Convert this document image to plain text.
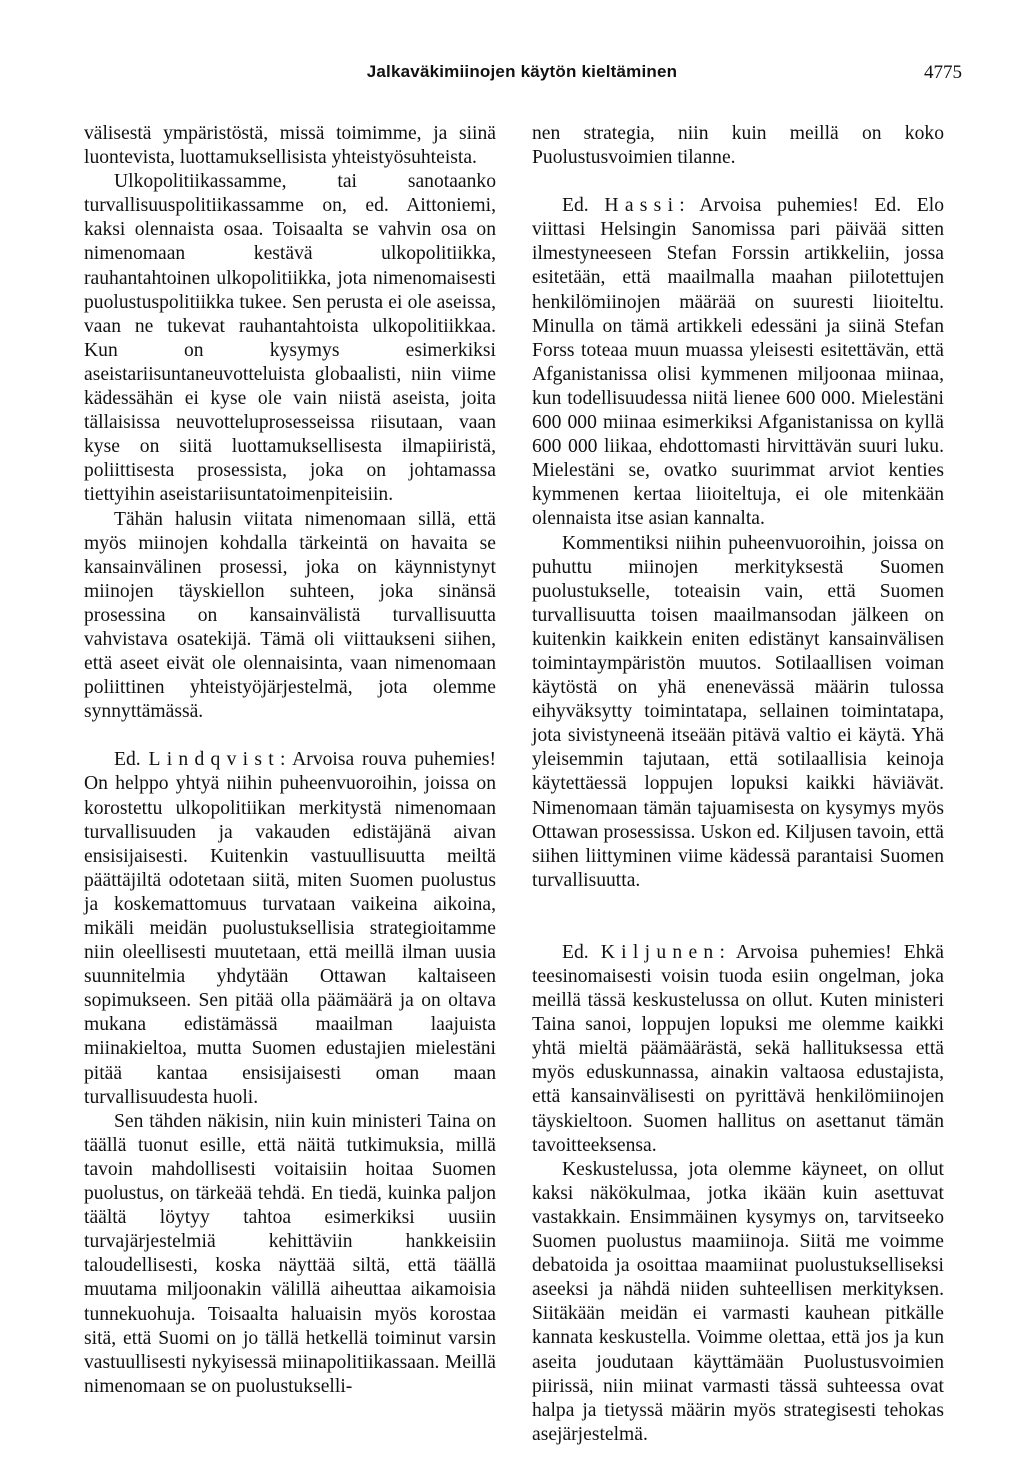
Jalkaväkimiinojen käytön kieltäminen	4775

välisestä ympäristöstä, missä toimimme, ja siinä luontevista, luottamuksellisista yhteistyösuhteista.

Ulkopolitiikassamme, tai sanotaanko turvallisuuspolitiikassamme on, ed. Aittoniemi, kaksi olennaista osaa. Toisaalta se vahvin osa on nimenomaan kestävä ulkopolitiikka, rauhantahtoinen ulkopolitiikka, jota nimenomaisesti puolustuspolitiikka tukee. Sen perusta ei ole aseissa, vaan ne tukevat rauhantahtoista ulkopolitiikkaa. Kun on kysymys esimerkiksi aseistariisuntaneuvotteluista globaalisti, niin viime kädessähän ei kyse ole vain niistä aseista, joita tällaisissa neuvotteluprosesseissa riisutaan, vaan kyse on siitä luottamuksellisesta ilmapiiristä, poliittisesta prosessista, joka on johtamassa tiettyihin aseistariisuntatoimenpiteisiin.

Tähän halusin viitata nimenomaan sillä, että myös miinojen kohdalla tärkeintä on havaita se kansainvälinen prosessi, joka on käynnistynyt miinojen täyskiellon suhteen, joka sinänsä prosessina on kansainvälistä turvallisuutta vahvistava osatekijä. Tämä oli viittaukseni siihen, että aseet eivät ole olennaisinta, vaan nimenomaan poliittinen yhteistyöjärjestelmä, jota olemme synnyttämässä.

Ed. Lindqvist: Arvoisa rouva puhemies! On helppo yhtyä niihin puheenvuoroihin, joissa on korostettu ulkopolitiikan merkitystä nimenomaan turvallisuuden ja vakauden edistäjänä aivan ensisijaisesti. Kuitenkin vastuullisuutta meiltä päättäjiltä odotetaan siitä, miten Suomen puolustus ja koskemattomuus turvataan vaikeina aikoina, mikäli meidän puolustuksellisia strategioitamme niin oleellisesti muutetaan, että meillä ilman uusia suunnitelmia yhdytään Ottawan kaltaiseen sopimukseen. Sen pitää olla päämäärä ja on oltava mukana edistämässä maailman laajuista miinakieltoa, mutta Suomen edustajien mielestäni pitää kantaa ensisijaisesti oman maan turvallisuudesta huoli.

Sen tähden näkisin, niin kuin ministeri Taina on täällä tuonut esille, että näitä tutkimuksia, millä tavoin mahdollisesti voitaisiin hoitaa Suomen puolustus, on tärkeää tehdä. En tiedä, kuinka paljon täältä löytyy tahtoa esimerkiksi uusiin turvajärjestelmiä kehittäviin hankkeisiin taloudellisesti, koska näyttää siltä, että täällä muutama miljoonakin välillä aiheuttaa aikamoisia tunnekuohuja. Toisaalta haluaisin myös korostaa sitä, että Suomi on jo tällä hetkellä toiminut varsin vastuullisesti nykyisessä miinapolitiikassaan. Meillä nimenomaan se on puolustukselli-

nen strategia, niin kuin meillä on koko Puolustusvoimien tilanne.

Ed. Hassi: Arvoisa puhemies! Ed. Elo viittasi Helsingin Sanomissa pari päivää sitten ilmestyneeseen Stefan Forssin artikkeliin, jossa esitetään, että maailmalla maahan piilotettujen henkilömiinojen määrää on suuresti liioiteltu. Minulla on tämä artikkeli edessäni ja siinä Stefan Forss toteaa muun muassa yleisesti esitettävän, että Afganistanissa olisi kymmenen miljoonaa miinaa, kun todellisuudessa niitä lienee 600 000. Mielestäni 600 000 miinaa esimerkiksi Afganistanissa on kyllä 600 000 liikaa, ehdottomasti hirvittävän suuri luku. Mielestäni se, ovatko suurimmat arviot kenties kymmenen kertaa liioiteltuja, ei ole mitenkään olennaista itse asian kannalta.

Kommentiksi niihin puheenvuoroihin, joissa on puhuttu miinojen merkityksestä Suomen puolustukselle, toteaisin vain, että Suomen turvallisuutta toisen maailmansodan jälkeen on kuitenkin kaikkein eniten edistänyt kansainvälisen toimintaympäristön muutos. Sotilaallisen voiman käytöstä on yhä enenevässä määrin tulossa eihyväksytty toimintatapa, sellainen toimintatapa, jota sivistyneenä itseään pitävä valtio ei käytä. Yhä yleisemmin tajutaan, että sotilaallisia keinoja käytettäessä loppujen lopuksi kaikki häviävät. Nimenomaan tämän tajuamisesta on kysymys myös Ottawan prosessissa. Uskon ed. Kiljusen tavoin, että siihen liittyminen viime kädessä parantaisi Suomen turvallisuutta.

Ed. Kiljunen: Arvoisa puhemies! Ehkä teesinomaisesti voisin tuoda esiin ongelman, joka meillä tässä keskustelussa on ollut. Kuten ministeri Taina sanoi, loppujen lopuksi me olemme kaikki yhtä mieltä päämäärästä, sekä hallituksessa että myös eduskunnassa, ainakin valtaosa edustajista, että kansainvälisesti on pyrittävä henkilömiinojen täyskieltoon. Suomen hallitus on asettanut tämän tavoitteeksensa.

Keskustelussa, jota olemme käyneet, on ollut kaksi näkökulmaa, jotka ikään kuin asettuvat vastakkain. Ensimmäinen kysymys on, tarvitseeko Suomen puolustus maamiinoja. Siitä me voimme debatoida ja osoittaa maamiinat puolustukselliseksi aseeksi ja nähdä niiden suhteellisen merkityksen. Siitäkään meidän ei varmasti kauhean pitkälle kannata keskustella. Voimme olettaa, että jos ja kun aseita joudutaan käyttämään Puolustusvoimien piirissä, niin miinat varmasti tässä suhteessa ovat halpa ja tietyssä määrin myös strategisesti tehokas asejärjestelmä.
